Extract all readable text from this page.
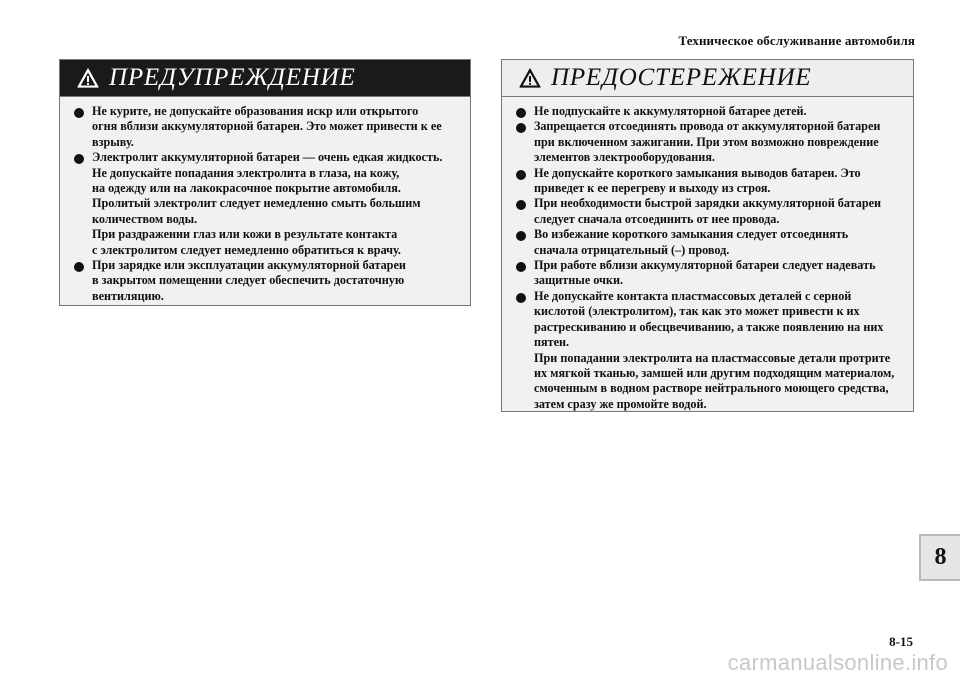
Техническое обслуживание автомобиля
ПРЕДУПРЕЖДЕНИЕ
Не курите, не допускайте образования искр или открытого
огня вблизи аккумуляторной батареи. Это может привести к ее
взрыву.
Электролит аккумуляторной батареи — очень едкая жидкость.
Не допускайте попадания электролита в глаза, на кожу,
на одежду или на лакокрасочное покрытие автомобиля.
Пролитый электролит следует немедленно смыть большим
количеством воды.
При раздражении глаз или кожи в результате контакта
с электролитом следует немедленно обратиться к врачу.
При зарядке или эксплуатации аккумуляторной батареи
в закрытом помещении следует обеспечить достаточную
вентиляцию.
ПРЕДОСТЕРЕЖЕНИЕ
Не подпускайте к аккумуляторной батарее детей.
Запрещается отсоединять провода от аккумуляторной батареи
при включенном зажигании. При этом возможно повреждение
элементов электрооборудования.
Не допускайте короткого замыкания выводов батареи. Это
приведет к ее перегреву и выходу из строя.
При необходимости быстрой зарядки аккумуляторной батареи
следует сначала отсоединить от нее провода.
Во избежание короткого замыкания следует отсоединять
сначала отрицательный (–) провод.
При работе вблизи аккумуляторной батареи следует надевать
защитные очки.
Не допускайте контакта пластмассовых деталей с серной
кислотой (электролитом), так как это может привести к их
растрескиванию и обесцвечиванию, а также появлению на них
пятен.
При попадании электролита на пластмассовые детали протрите
их мягкой тканью, замшей или другим подходящим материалом,
смоченным в водном растворе нейтрального моющего средства,
затем сразу же промойте водой.
8
8-15
carmanualsonline.info
